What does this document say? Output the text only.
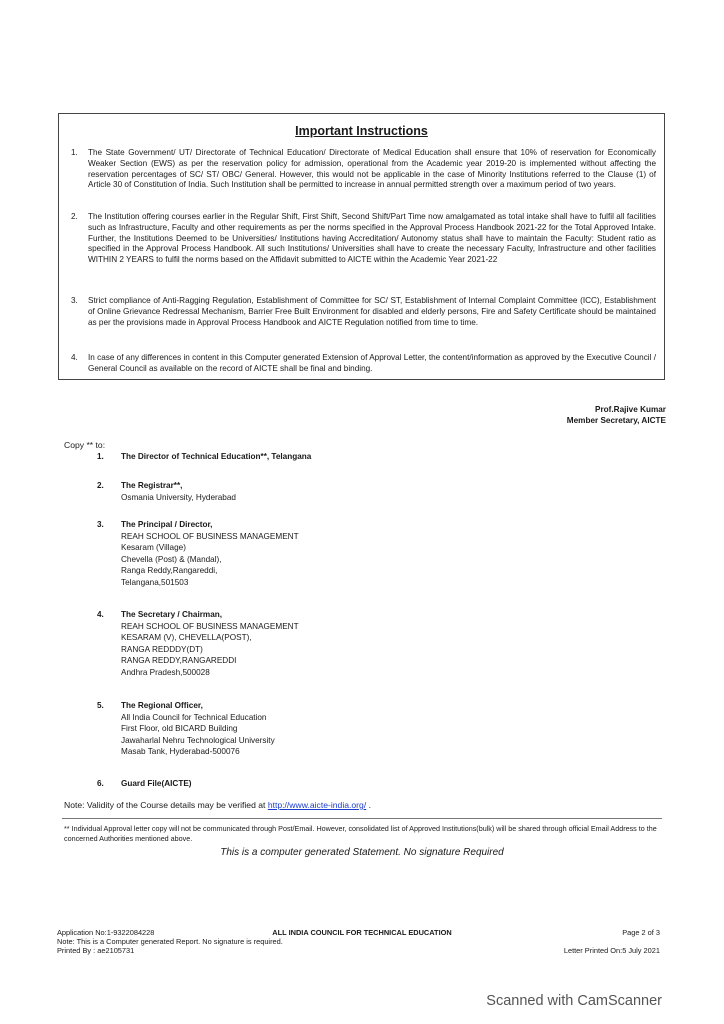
Important Instructions
1.	The State Government/ UT/ Directorate of Technical Education/ Directorate of Medical Education shall ensure that 10% of reservation for Economically Weaker Section (EWS) as per the reservation policy for admission, operational from the Academic year 2019-20 is implemented without affecting the reservation percentages of SC/ ST/ OBC/ General. However, this would not be applicable in the case of Minority Institutions referred to the Clause (1) of Article 30 of Constitution of India. Such Institution shall be permitted to increase in annual permitted strength over a maximum period of two years.
2.	The Institution offering courses earlier in the Regular Shift, First Shift, Second Shift/Part Time now amalgamated as total intake shall have to fulfil all facilities such as Infrastructure, Faculty and other requirements as per the norms specified in the Approval Process Handbook 2021-22 for the Total Approved Intake. Further, the Institutions Deemed to be Universities/ Institutions having Accreditation/ Autonomy status shall have to maintain the Faculty: Student ratio as specified in the Approval Process Handbook. All such Institutions/ Universities shall have to create the necessary Faculty, Infrastructure and other facilities WITHIN 2 YEARS to fulfil the norms based on the Affidavit submitted to AICTE within the Academic Year 2021-22
3.	Strict compliance of Anti-Ragging Regulation, Establishment of Committee for SC/ ST, Establishment of Internal Complaint Committee (ICC), Establishment of Online Grievance Redressal Mechanism, Barrier Free Built Environment for disabled and elderly persons, Fire and Safety Certificate should be maintained as per the provisions made in Approval Process Handbook and AICTE Regulation notified from time to time.
4.	In case of any differences in content in this Computer generated Extension of Approval Letter, the content/information as approved by the Executive Council / General Council as available on the record of AICTE shall be final and binding.
Prof.Rajive Kumar
Member Secretary, AICTE
Copy ** to:
1.	The Director of Technical Education**, Telangana
2.	The Registrar**,
Osmania University, Hyderabad
3.	The Principal / Director,
REAH SCHOOL OF BUSINESS MANAGEMENT
Kesaram (Village)
Chevella (Post) & (Mandal),
Ranga Reddy,Rangareddi,
Telangana,501503
4.	The Secretary / Chairman,
REAH SCHOOL OF BUSINESS MANAGEMENT
KESARAM (V), CHEVELLA(POST),
RANGA REDDDY(DT)
RANGA REDDY,RANGAREDDI
Andhra Pradesh,500028
5.	The Regional Officer,
All India Council for Technical Education
First Floor, old BICARD Building
Jawaharlal Nehru Technological University
Masab Tank, Hyderabad-500076
6.	Guard File(AICTE)
Note: Validity of the Course details may be verified at http://www.aicte-india.org/ .
** Individual Approval letter copy will not be communicated through Post/Email. However, consolidated list of Approved Institutions(bulk) will be shared through official Email Address to the concerned Authorities mentioned above.
This is a computer generated Statement. No signature Required
Application No:1-9322084228
Note: This is a Computer generated Report. No signature is required.
Printed By : ae2105731
ALL INDIA COUNCIL FOR TECHNICAL EDUCATION	Page 2 of 3
Letter Printed On:5 July 2021
Scanned with CamScanner
